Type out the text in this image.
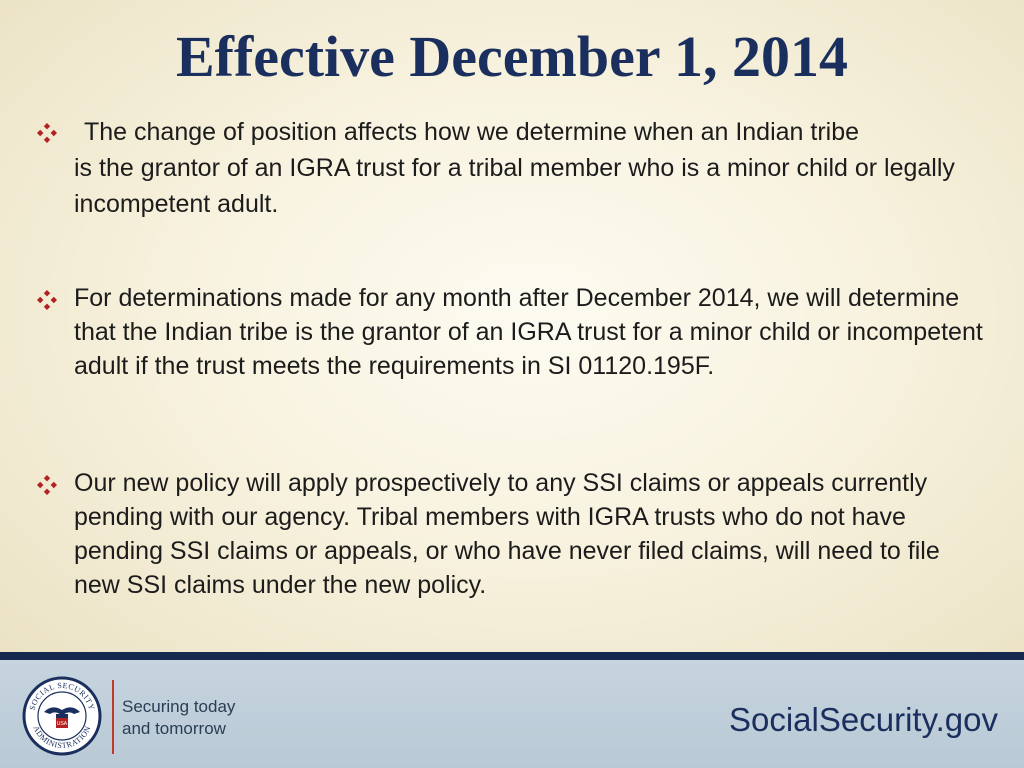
Effective December 1, 2014
The change of position affects how we determine when an Indian tribe
is the grantor of an IGRA trust for a tribal member who is a minor child or legally incompetent adult.
For determinations made for any month after December 2014, we will determine that the Indian tribe is the grantor of an IGRA trust for a minor child or incompetent adult if the trust meets the requirements in SI 01120.195F.
Our new policy will apply prospectively to any SSI claims or appeals currently pending with our agency. Tribal members with IGRA trusts who do not have pending SSI claims or appeals, or who have never filed claims, will need to file new SSI claims under the new policy.
SOCIAL SECURITY
ADMINISTRATION
USA
Securing today
and tomorrow	SocialSecurity.gov
